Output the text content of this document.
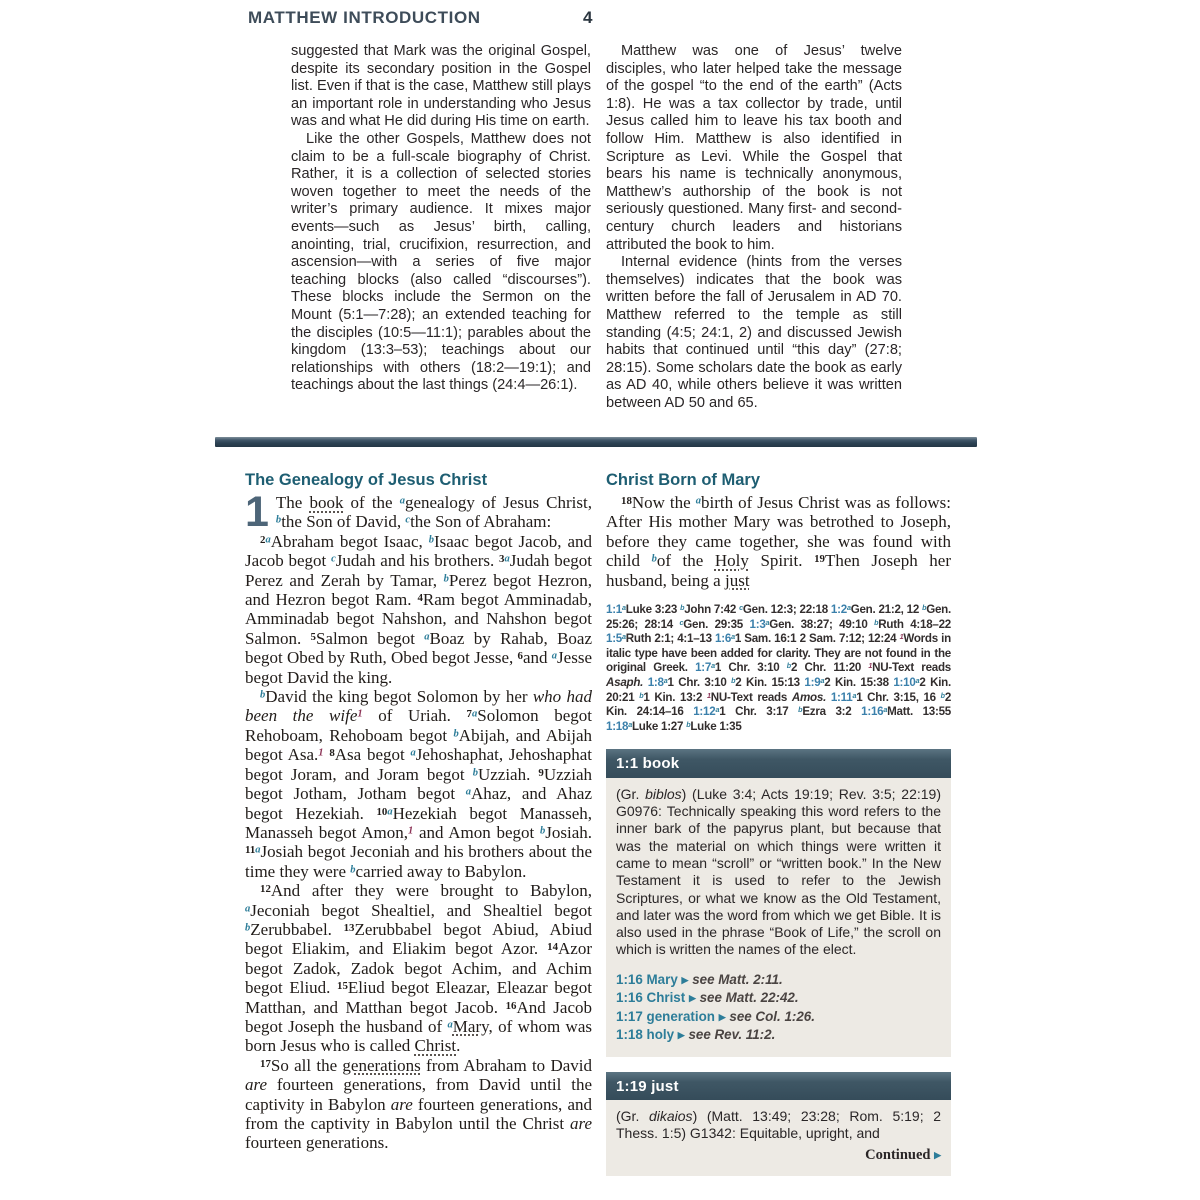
MATTHEW INTRODUCTION	4

suggested that Mark was the original Gospel, despite its secondary position in the Gospel list. Even if that is the case, Matthew still plays an important role in understanding who Jesus was and what He did during His time on earth.

Like the other Gospels, Matthew does not claim to be a full-scale biography of Christ. Rather, it is a collection of selected stories woven together to meet the needs of the writer’s primary audience. It mixes major events—such as Jesus’ birth, calling, anointing, trial, crucifixion, resurrection, and ascension—with a series of five major teaching blocks (also called “discourses”). These blocks include the Sermon on the Mount (5:1—7:28); an extended teaching for the disciples (10:5—11:1); parables about the kingdom (13:3–53); teachings about our relationships with others (18:2—19:1); and teachings about the last things (24:4—26:1).

Matthew was one of Jesus’ twelve disciples, who later helped take the message of the gospel “to the end of the earth” (Acts 1:8). He was a tax collector by trade, until Jesus called him to leave his tax booth and follow Him. Matthew is also identified in Scripture as Levi. While the Gospel that bears his name is technically anonymous, Matthew’s authorship of the book is not seriously questioned. Many first- and second-century church leaders and historians attributed the book to him.

Internal evidence (hints from the verses themselves) indicates that the book was written before the fall of Jerusalem in AD 70. Matthew referred to the temple as still standing (4:5; 24:1, 2) and discussed Jewish habits that continued until “this day” (27:8; 28:15). Some scholars date the book as early as AD 40, while others believe it was written between AD 50 and 65.

The Genealogy of Jesus Christ

1 The book of the $^a$genealogy of Jesus Christ, $^b$the Son of David, $^c$the Son of Abraham:

$^{2a}$Abraham begot Isaac, $^b$Isaac begot Jacob, and Jacob begot $^c$Judah and his brothers. $^{3a}$Judah begot Perez and Zerah by Tamar, $^b$Perez begot Hezron, and Hezron begot Ram. $^4$Ram begot Amminadab, Amminadab begot Nahshon, and Nahshon begot Salmon. $^5$Salmon begot $^a$Boaz by Rahab, Boaz begot Obed by Ruth, Obed begot Jesse, $^6$and $^a$Jesse begot David the king.

$^b$David the king begot Solomon by her who had been the wife$^1$ of Uriah. $^{7a}$Solomon begot Rehoboam, Rehoboam begot $^b$Abijah, and Abijah begot Asa.$^1$ $^8$Asa begot $^a$Jehoshaphat, Jehoshaphat begot Joram, and Joram begot $^b$Uzziah. $^9$Uzziah begot Jotham, Jotham begot $^a$Ahaz, and Ahaz begot Hezekiah. $^{10a}$Hezekiah begot Manasseh, Manasseh begot Amon,$^1$ and Amon begot $^b$Josiah. $^{11a}$Josiah begot Jeconiah and his brothers about the time they were $^b$carried away to Babylon.

$^{12}$And after they were brought to Babylon, $^a$Jeconiah begot Shealtiel, and Shealtiel begot $^b$Zerubbabel. $^{13}$Zerubbabel begot Abiud, Abiud begot Eliakim, and Eliakim begot Azor. $^{14}$Azor begot Zadok, Zadok begot Achim, and Achim begot Eliud. $^{15}$Eliud begot Eleazar, Eleazar begot Matthan, and Matthan begot Jacob. $^{16}$And Jacob begot Joseph the husband of $^a$Mary, of whom was born Jesus who is called Christ.

$^{17}$So all the generations from Abraham to David are fourteen generations, from David until the captivity in Babylon are fourteen generations, and from the captivity in Babylon until the Christ are fourteen generations.

Christ Born of Mary

$^{18}$Now the $^a$birth of Jesus Christ was as follows: After His mother Mary was betrothed to Joseph, before they came together, she was found with child $^b$of the Holy Spirit. $^{19}$Then Joseph her husband, being a just

1:1$^a$Luke 3:23 $^b$John 7:42 $^c$Gen. 12:3; 22:18 1:2$^a$Gen. 21:2, 12 $^b$Gen. 25:26; 28:14 $^c$Gen. 29:35 1:3$^a$Gen. 38:27; 49:10 $^b$Ruth 4:18–22 1:5$^a$Ruth 2:1; 4:1–13 1:6$^a$1 Sam. 16:1 2 Sam. 7:12; 12:24 $^1$Words in italic type have been added for clarity. They are not found in the original Greek. 1:7$^a$1 Chr. 3:10 $^b$2 Chr. 11:20 $^1$NU-Text reads Asaph. 1:8$^a$1 Chr. 3:10 $^b$2 Kin. 15:13 1:9$^a$2 Kin. 15:38 1:10$^a$2 Kin. 20:21 $^b$1 Kin. 13:2 $^1$NU-Text reads Amos. 1:11$^a$1 Chr. 3:15, 16 $^b$2 Kin. 24:14–16 1:12$^a$1 Chr. 3:17 $^b$Ezra 3:2 1:16$^a$Matt. 13:55 1:18$^a$Luke 1:27 $^b$Luke 1:35
1:1 book
(Gr. biblos) (Luke 3:4; Acts 19:19; Rev. 3:5; 22:19) G0976: Technically speaking this word refers to the inner bark of the papyrus plant, but because that was the material on which things were written it came to mean “scroll” or “written book.” In the New Testament it is used to refer to the Jewish Scriptures, or what we know as the Old Testament, and later was the word from which we get Bible. It is also used in the phrase “Book of Life,” the scroll on which is written the names of the elect.
1:16 Mary ▶ see Matt. 2:11.
1:16 Christ ▶ see Matt. 22:42.
1:17 generation ▶ see Col. 1:26.
1:18 holy ▶ see Rev. 11:2.
1:19 just
(Gr. dikaios) (Matt. 13:49; 23:28; Rom. 5:19; 2 Thess. 1:5) G1342: Equitable, upright, and
Continued ▶
